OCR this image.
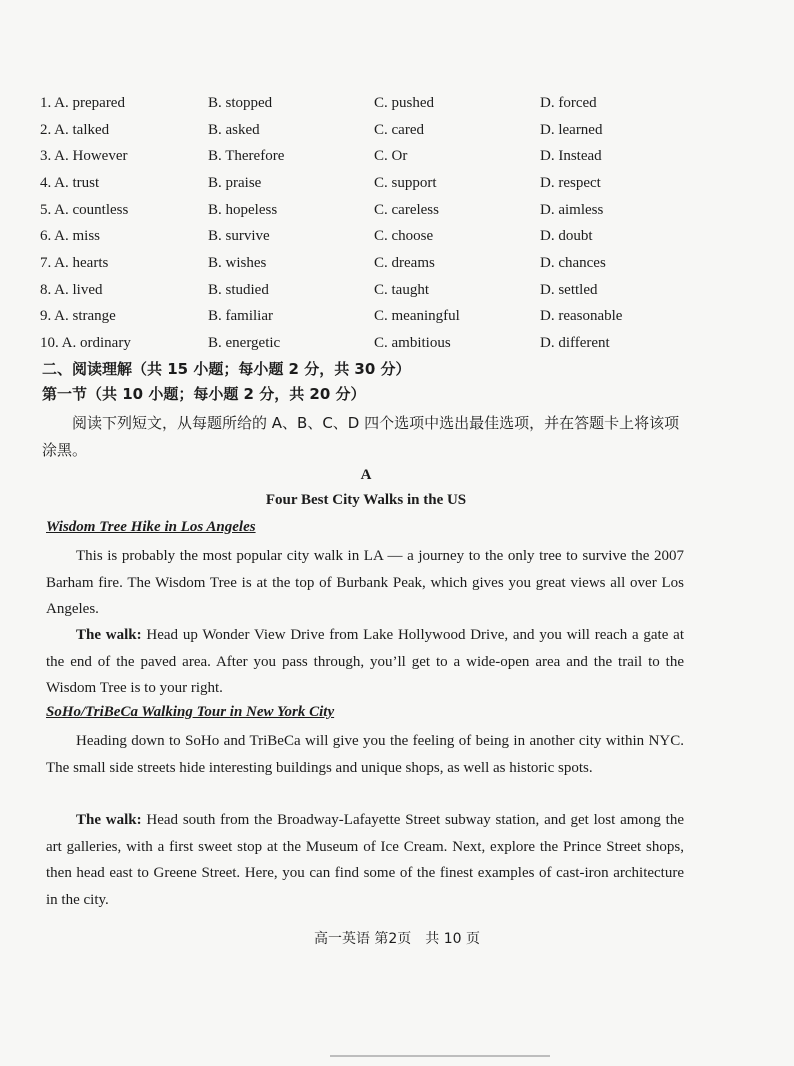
1. A. prepared	B. stopped	C. pushed	D. forced
2. A. talked	B. asked	C. cared	D. learned
3. A. However	B. Therefore	C. Or	D. Instead
4. A. trust	B. praise	C. support	D. respect
5. A. countless	B. hopeless	C. careless	D. aimless
6. A. miss	B. survive	C. choose	D. doubt
7. A. hearts	B. wishes	C. dreams	D. chances
8. A. lived	B. studied	C. taught	D. settled
9. A. strange	B. familiar	C. meaningful	D. reasonable
10. A. ordinary	B. energetic	C. ambitious	D. different
二、阅读理解（共 15 小题；每小题 2 分，共 30 分）
第一节（共 10 小题；每小题 2 分，共 20 分）
阅读下列短文，从每题所给的 A、B、C、D 四个选项中选出最佳选项，并在答题卡上将该项涂黑。
A
Four Best City Walks in the US
Wisdom Tree Hike in Los Angeles
This is probably the most popular city walk in LA — a journey to the only tree to survive the 2007 Barham fire. The Wisdom Tree is at the top of Burbank Peak, which gives you great views all over Los Angeles.
The walk: Head up Wonder View Drive from Lake Hollywood Drive, and you will reach a gate at the end of the paved area. After you pass through, you’ll get to a wide-open area and the trail to the Wisdom Tree is to your right.
SoHo/TriBeCa Walking Tour in New York City
Heading down to SoHo and TriBeCa will give you the feeling of being in another city within NYC. The small side streets hide interesting buildings and unique shops, as well as historic spots.
The walk: Head south from the Broadway-Lafayette Street subway station, and get lost among the art galleries, with a first sweet stop at the Museum of Ice Cream. Next, explore the Prince Street shops, then head east to Greene Street. Here, you can find some of the finest examples of cast-iron architecture in the city.
高一英语 第2页　共 10 页
